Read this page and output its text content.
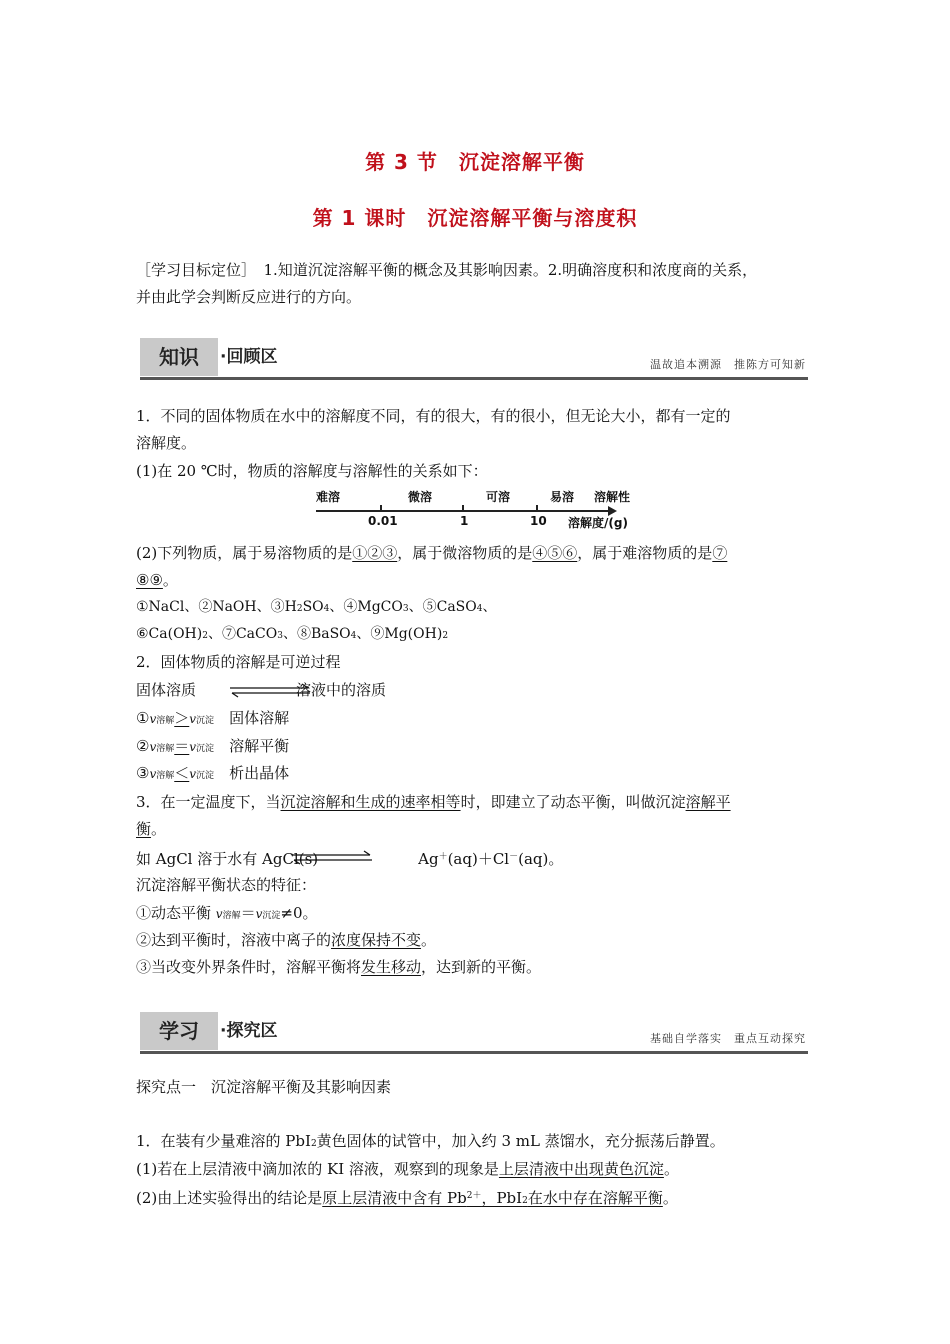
第 3 节　沉淀溶解平衡
第 1 课时　沉淀溶解平衡与溶度积
［学习目标定位］　1.知道沉淀溶解平衡的概念及其影响因素。2.明确溶度积和浓度商的关系，
并由此学会判断反应进行的方向。
知识	·回顾区	温故追本溯源　推陈方可知新
1．不同的固体物质在水中的溶解度不同，有的很大，有的很小，但无论大小，都有一定的
溶解度。
(1)在 20 ℃时，物质的溶解度与溶解性的关系如下：
难溶	微溶	可溶	易溶 溶解性
0.01	1	10 溶解度/(g)
(2)下列物质，属于易溶物质的是①②③，属于微溶物质的是④⑤⑥，属于难溶物质的是⑦
⑧⑨。
①NaCl、②NaOH、③H2SO4、④MgCO3、⑤CaSO4、
⑥Ca(OH)2、⑦CaCO3、⑧BaSO4、⑨Mg(OH)2
2．固体物质的溶解是可逆过程
固体溶质	溶液中的溶质
①v溶解＞v沉淀　 固体溶解
②v溶解＝v沉淀　 溶解平衡
③v溶解＜v沉淀　 析出晶体
3．在一定温度下，当沉淀溶解和生成的速率相等时，即建立了动态平衡，叫做沉淀溶解平
衡。
如 AgCl 溶于水有 AgCl(s)	Ag＋(aq)＋Cl－(aq)。
沉淀溶解平衡状态的特征：
①动态平衡 v溶解＝v沉淀≠0。
②达到平衡时，溶液中离子的浓度保持不变。
③当改变外界条件时，溶解平衡将发生移动，达到新的平衡。
学习	·探究区	基础自学落实　重点互动探究
探究点一　沉淀溶解平衡及其影响因素
1．在装有少量难溶的 PbI2黄色固体的试管中，加入约 3 mL 蒸馏水，充分振荡后静置。
(1)若在上层清液中滴加浓的 KI 溶液，观察到的现象是上层清液中出现黄色沉淀。
(2)由上述实验得出的结论是原上层清液中含有 $Pb^{2+}$，PbI2在水中存在溶解平衡。
